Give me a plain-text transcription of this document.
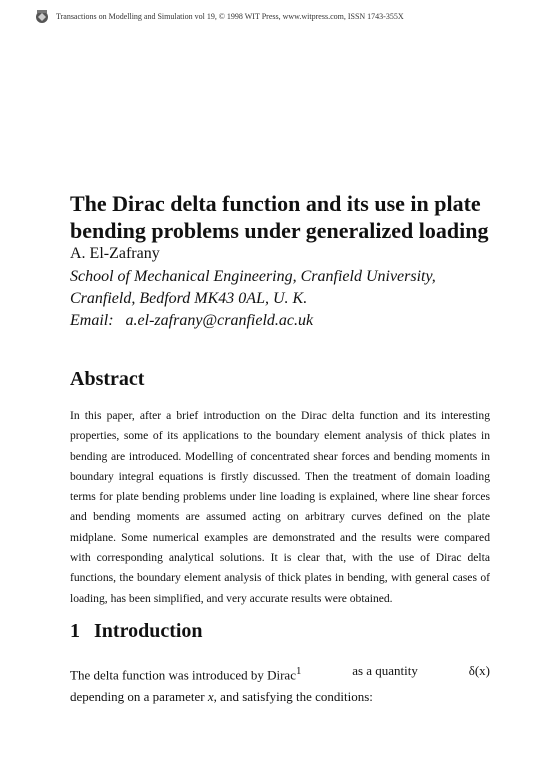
Transactions on Modelling and Simulation vol 19, © 1998 WIT Press, www.witpress.com, ISSN 1743-355X
The Dirac delta function and its use in plate bending problems under generalized loading
A. El-Zafrany
School of Mechanical Engineering, Cranfield University,
Cranfield, Bedford MK43 0AL, U. K.
Email: a.el-zafrany@cranfield.ac.uk
Abstract

In this paper, after a brief introduction on the Dirac delta function and its interesting properties, some of its applications to the boundary element analysis of thick plates in bending are introduced. Modelling of concentrated shear forces and bending moments in boundary integral equations is firstly discussed. Then the treatment of domain loading terms for plate bending problems under line loading is explained, where line shear forces and bending moments are assumed acting on arbitrary curves defined on the plate midplane. Some numerical examples are demonstrated and the results were compared with corresponding analytical solutions. It is clear that, with the use of Dirac delta functions, the boundary element analysis of thick plates in bending, with general cases of loading, has been simplified, and very accurate results were obtained.

1 Introduction
The delta function was introduced by Dirac$^1$	as a quantity	δ(x)
depending on a parameter x, and satisfying the conditions:
